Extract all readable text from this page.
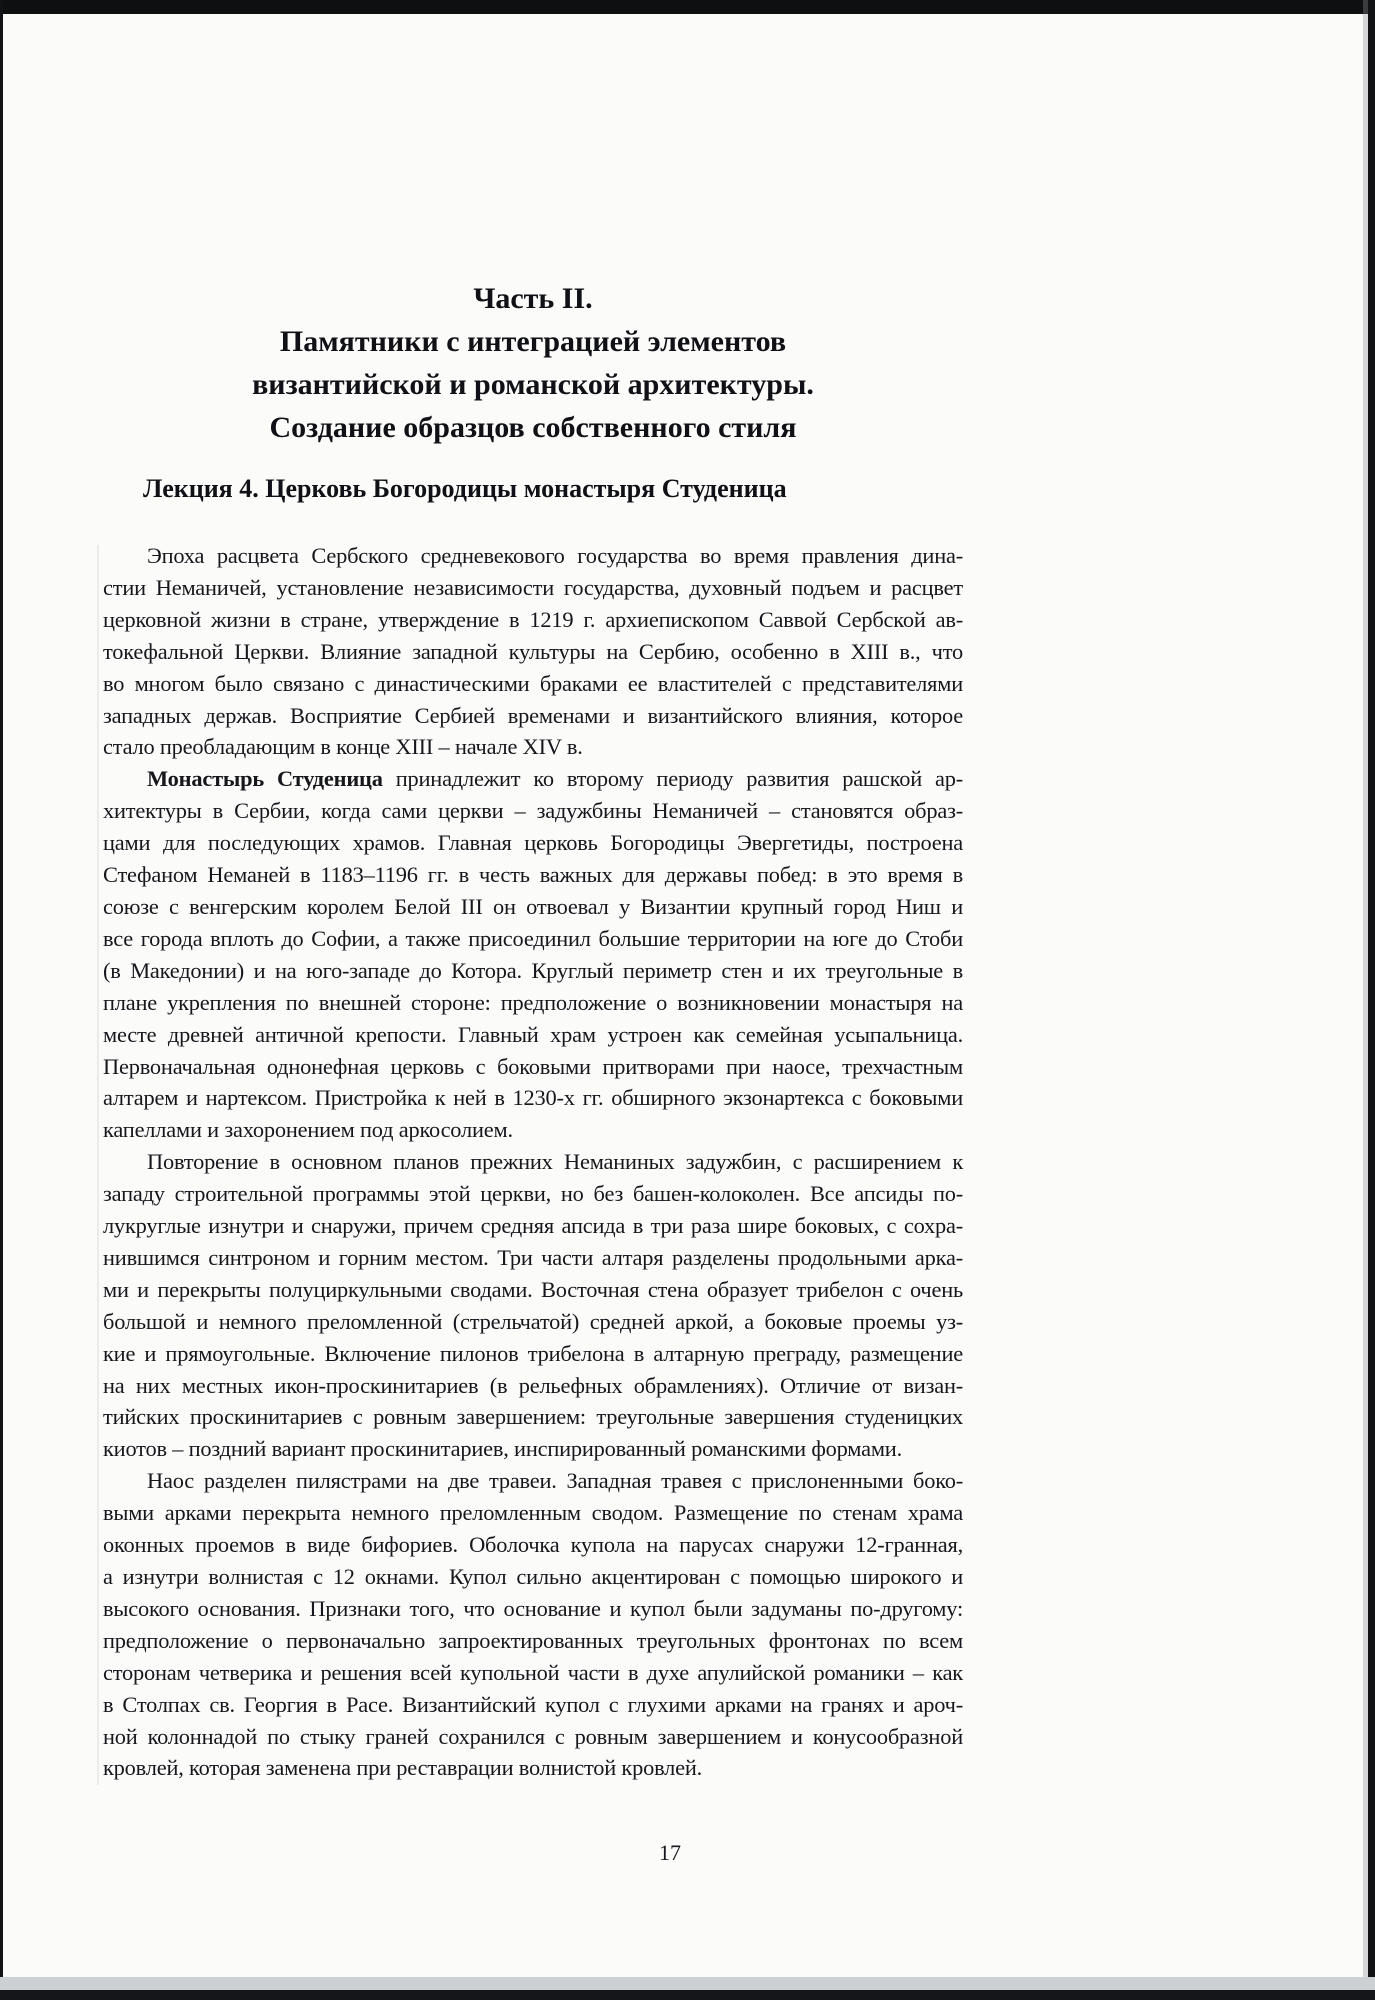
Часть II.
Памятники с интеграцией элементов
византийской и романской архитектуры.
Создание образцов собственного стиля
Лекция 4. Церковь Богородицы монастыря Студеница
Эпоха расцвета Сербского средневекового государства во время правления дина-
стии Неманичей, установление независимости государства, духовный подъем и расцвет
церковной жизни в стране, утверждение в 1219 г. архиепископом Саввой Сербской ав-
токефальной Церкви. Влияние западной культуры на Сербию, особенно в XIII в., что
во многом было связано с династическими браками ее властителей с представителями
западных держав. Восприятие Сербией временами и византийского влияния, которое
стало преобладающим в конце XIII – начале XIV в.
Монастырь Студеница принадлежит ко второму периоду развития рашской ар-
хитектуры в Сербии, когда сами церкви – задужбины Неманичей – становятся образ-
цами для последующих храмов. Главная церковь Богородицы Эвергетиды, построена
Стефаном Неманей в 1183–1196 гг. в честь важных для державы побед: в это время в
союзе с венгерским королем Белой III он отвоевал у Византии крупный город Ниш и
все города вплоть до Софии, а также присоединил большие территории на юге до Стоби
(в Македонии) и на юго-западе до Котора. Круглый периметр стен и их треугольные в
плане укрепления по внешней стороне: предположение о возникновении монастыря на
месте древней античной крепости. Главный храм устроен как семейная усыпальница.
Первоначальная однонефная церковь с боковыми притворами при наосе, трехчастным
алтарем и нартексом. Пристройка к ней в 1230-х гг. обширного экзонартекса с боковыми
капеллами и захоронением под аркосолием.
Повторение в основном планов прежних Неманиных задужбин, с расширением к
западу строительной программы этой церкви, но без башен-колоколен. Все апсиды по-
лукруглые изнутри и снаружи, причем средняя апсида в три раза шире боковых, с сохра-
нившимся синтроном и горним местом. Три части алтаря разделены продольными арка-
ми и перекрыты полуциркульными сводами. Восточная стена образует трибелон с очень
большой и немного преломленной (стрельчатой) средней аркой, а боковые проемы уз-
кие и прямоугольные. Включение пилонов трибелона в алтарную преграду, размещение
на них местных икон-проскинитариев (в рельефных обрамлениях). Отличие от визан-
тийских проскинитариев с ровным завершением: треугольные завершения студеницких
киотов – поздний вариант проскинитариев, инспирированный романскими формами.
Наос разделен пилястрами на две травеи. Западная травея с прислоненными боко-
выми арками перекрыта немного преломленным сводом. Размещение по стенам храма
оконных проемов в виде бифориев. Оболочка купола на парусах снаружи 12-гранная,
а изнутри волнистая с 12 окнами. Купол сильно акцентирован с помощью широкого и
высокого основания. Признаки того, что основание и купол были задуманы по-другому:
предположение о первоначально запроектированных треугольных фронтонах по всем
сторонам четверика и решения всей купольной части в духе апулийской романики – как
в Столпах св. Георгия в Расе. Византийский купол с глухими арками на гранях и ароч-
ной колоннадой по стыку граней сохранился с ровным завершением и конусообразной
кровлей, которая заменена при реставрации волнистой кровлей.
17
